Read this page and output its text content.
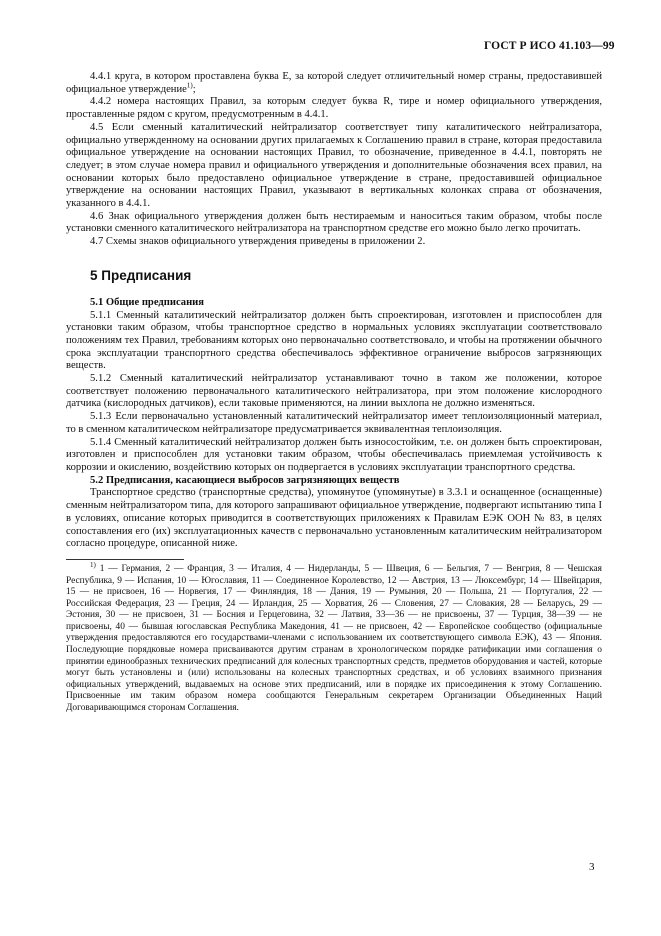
ГОСТ Р ИСО 41.103—99

4.4.1 круга, в котором проставлена буква E, за которой следует отличительный номер страны, предоставившей официальное утверждение$^{1)}$;

4.4.2 номера настоящих Правил, за которым следует буква R, тире и номер официального утверждения, проставленные рядом с кругом, предусмотренным в 4.4.1.

4.5 Если сменный каталитический нейтрализатор соответствует типу каталитического нейтрализатора, официально утвержденному на основании других прилагаемых к Соглашению правил в стране, которая предоставила официальное утверждение на основании настоящих Правил, то обозначение, приведенное в 4.4.1, повторять не следует; в этом случае номера правил и официального утверждения и дополнительные обозначения всех правил, на основании которых было предоставлено официальное утверждение в стране, предоставившей официальное утверждение на основании настоящих Правил, указывают в вертикальных колонках справа от обозначения, указанного в 4.4.1.

4.6 Знак официального утверждения должен быть нестираемым и наноситься таким образом, чтобы после установки сменного каталитического нейтрализатора на транспортном средстве его можно было легко прочитать.

4.7 Схемы знаков официального утверждения приведены в приложении 2.

5 Предписания

5.1 Общие предписания

5.1.1 Сменный каталитический нейтрализатор должен быть спроектирован, изготовлен и приспособлен для установки таким образом, чтобы транспортное средство в нормальных условиях эксплуатации соответствовало положениям тех Правил, требованиям которых оно первоначально соответствовало, и чтобы на протяжении обычного срока эксплуатации транспортного средства обеспечивалось эффективное ограничение выбросов загрязняющих веществ.

5.1.2 Сменный каталитический нейтрализатор устанавливают точно в таком же положении, которое соответствует положению первоначального каталитического нейтрализатора, при этом положение кислородного датчика (кислородных датчиков), если таковые применяются, на линии выхлопа не должно изменяться.

5.1.3 Если первоначально установленный каталитический нейтрализатор имеет теплоизоляционный материал, то в сменном каталитическом нейтрализаторе предусматривается эквивалентная теплоизоляция.

5.1.4 Сменный каталитический нейтрализатор должен быть износостойким, т.е. он должен быть спроектирован, изготовлен и приспособлен для установки таким образом, чтобы обеспечивалась приемлемая устойчивость к коррозии и окислению, воздействию которых он подвергается в условиях эксплуатации транспортного средства.

5.2 Предписания, касающиеся выбросов загрязняющих веществ

Транспортное средство (транспортные средства), упомянутое (упомянутые) в 3.3.1 и оснащенное (оснащенные) сменным нейтрализатором типа, для которого запрашивают официальное утверждение, подвергают испытанию типа I в условиях, описание которых приводится в соответствующих приложениях к Правилам ЕЭК ООН № 83, в целях сопоставления его (их) эксплуатационных качеств с первоначально установленным каталитическим нейтрализатором согласно процедуре, описанной ниже.

$^{1)}$ 1 — Германия, 2 — Франция, 3 — Италия, 4 — Нидерланды, 5 — Швеция, 6 — Бельгия, 7 — Венгрия, 8 — Чешская Республика, 9 — Испания, 10 — Югославия, 11 — Соединенное Королевство, 12 — Австрия, 13 — Люксембург, 14 — Швейцария, 15 — не присвоен, 16 — Норвегия, 17 — Финляндия, 18 — Дания, 19 — Румыния, 20 — Польша, 21 — Португалия, 22 — Российская Федерация, 23 — Греция, 24 — Ирландия, 25 — Хорватия, 26 — Словения, 27 — Словакия, 28 — Беларусь, 29 — Эстония, 30 — не присвоен, 31 — Босния и Герцеговина, 32 — Латвия, 33—36 — не присвоены, 37 — Турция, 38—39 — не присвоены, 40 — бывшая югославская Республика Македония, 41 — не присвоен, 42 — Европейское сообщество (официальные утверждения предоставляются его государствами-членами с использованием их соответствующего символа ЕЭК), 43 — Япония. Последующие порядковые номера присваиваются другим странам в хронологическом порядке ратификации ими соглашения о принятии единообразных технических предписаний для колесных транспортных средств, предметов оборудования и частей, которые могут быть установлены и (или) использованы на колесных транспортных средствах, и об условиях взаимного признания официальных утверждений, выдаваемых на основе этих предписаний, или в порядке их присоединения к этому Соглашению. Присвоенные им таким образом номера сообщаются Генеральным секретарем Организации Объединенных Наций Договаривающимся сторонам Соглашения.

3
